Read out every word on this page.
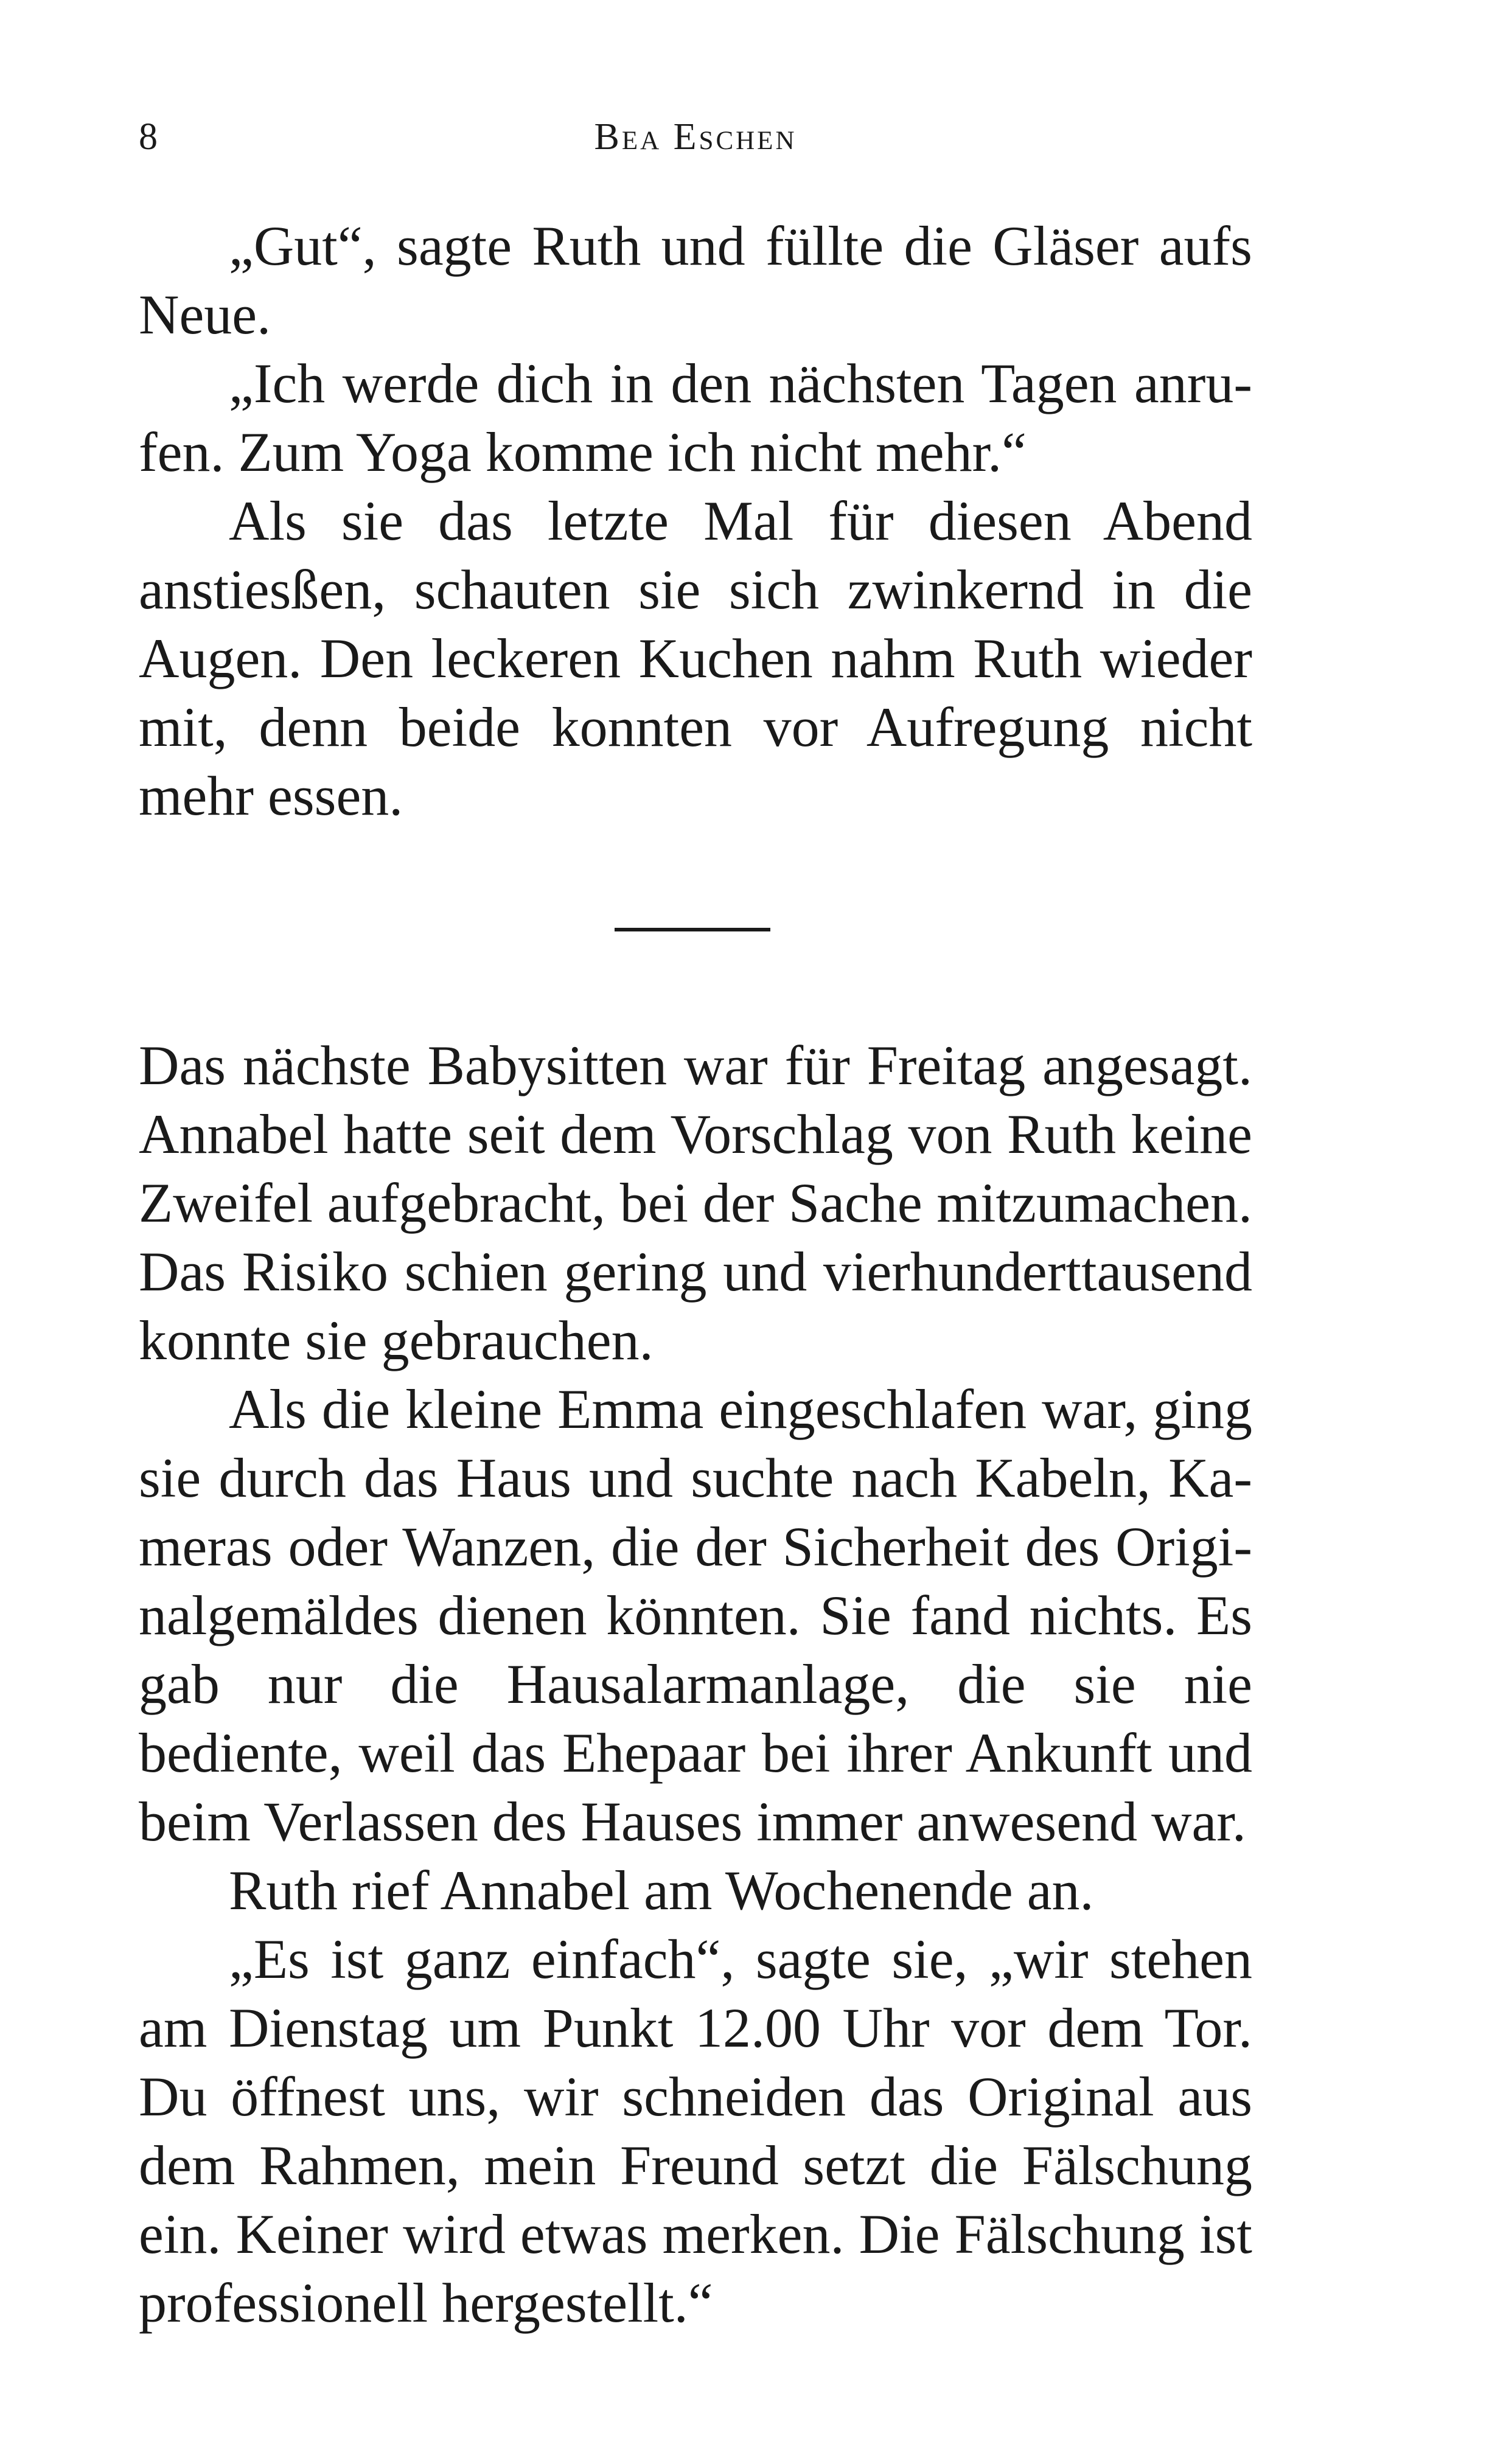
8	Bea Eschen

„Gut“, sagte Ruth und füllte die Gläser aufs Neue.

„Ich werde dich in den nächsten Tagen anrufen. Zum Yoga komme ich nicht mehr.“

Als sie das letzte Mal für diesen Abend anstiesßen, schauten sie sich zwinkernd in die Augen. Den leckeren Kuchen nahm Ruth wieder mit, denn beide konnten vor Aufregung nicht mehr essen.

Das nächste Babysitten war für Freitag angesagt. Annabel hatte seit dem Vorschlag von Ruth keine Zweifel aufgebracht, bei der Sache mitzumachen. Das Risiko schien gering und vierhunderttausend konnte sie gebrauchen.

Als die kleine Emma eingeschlafen war, ging sie durch das Haus und suchte nach Kabeln, Kameras oder Wanzen, die der Sicherheit des Originalgemäldes dienen könnten. Sie fand nichts. Es gab nur die Hausalarmanlage, die sie nie bediente, weil das Ehepaar bei ihrer Ankunft und beim Verlassen des Hauses immer anwesend war.

Ruth rief Annabel am Wochenende an.

„Es ist ganz einfach“, sagte sie, „wir stehen am Dienstag um Punkt 12.00 Uhr vor dem Tor. Du öffnest uns, wir schneiden das Original aus dem Rahmen, mein Freund setzt die Fälschung ein. Keiner wird etwas merken. Die Fälschung ist professionell hergestellt.“
